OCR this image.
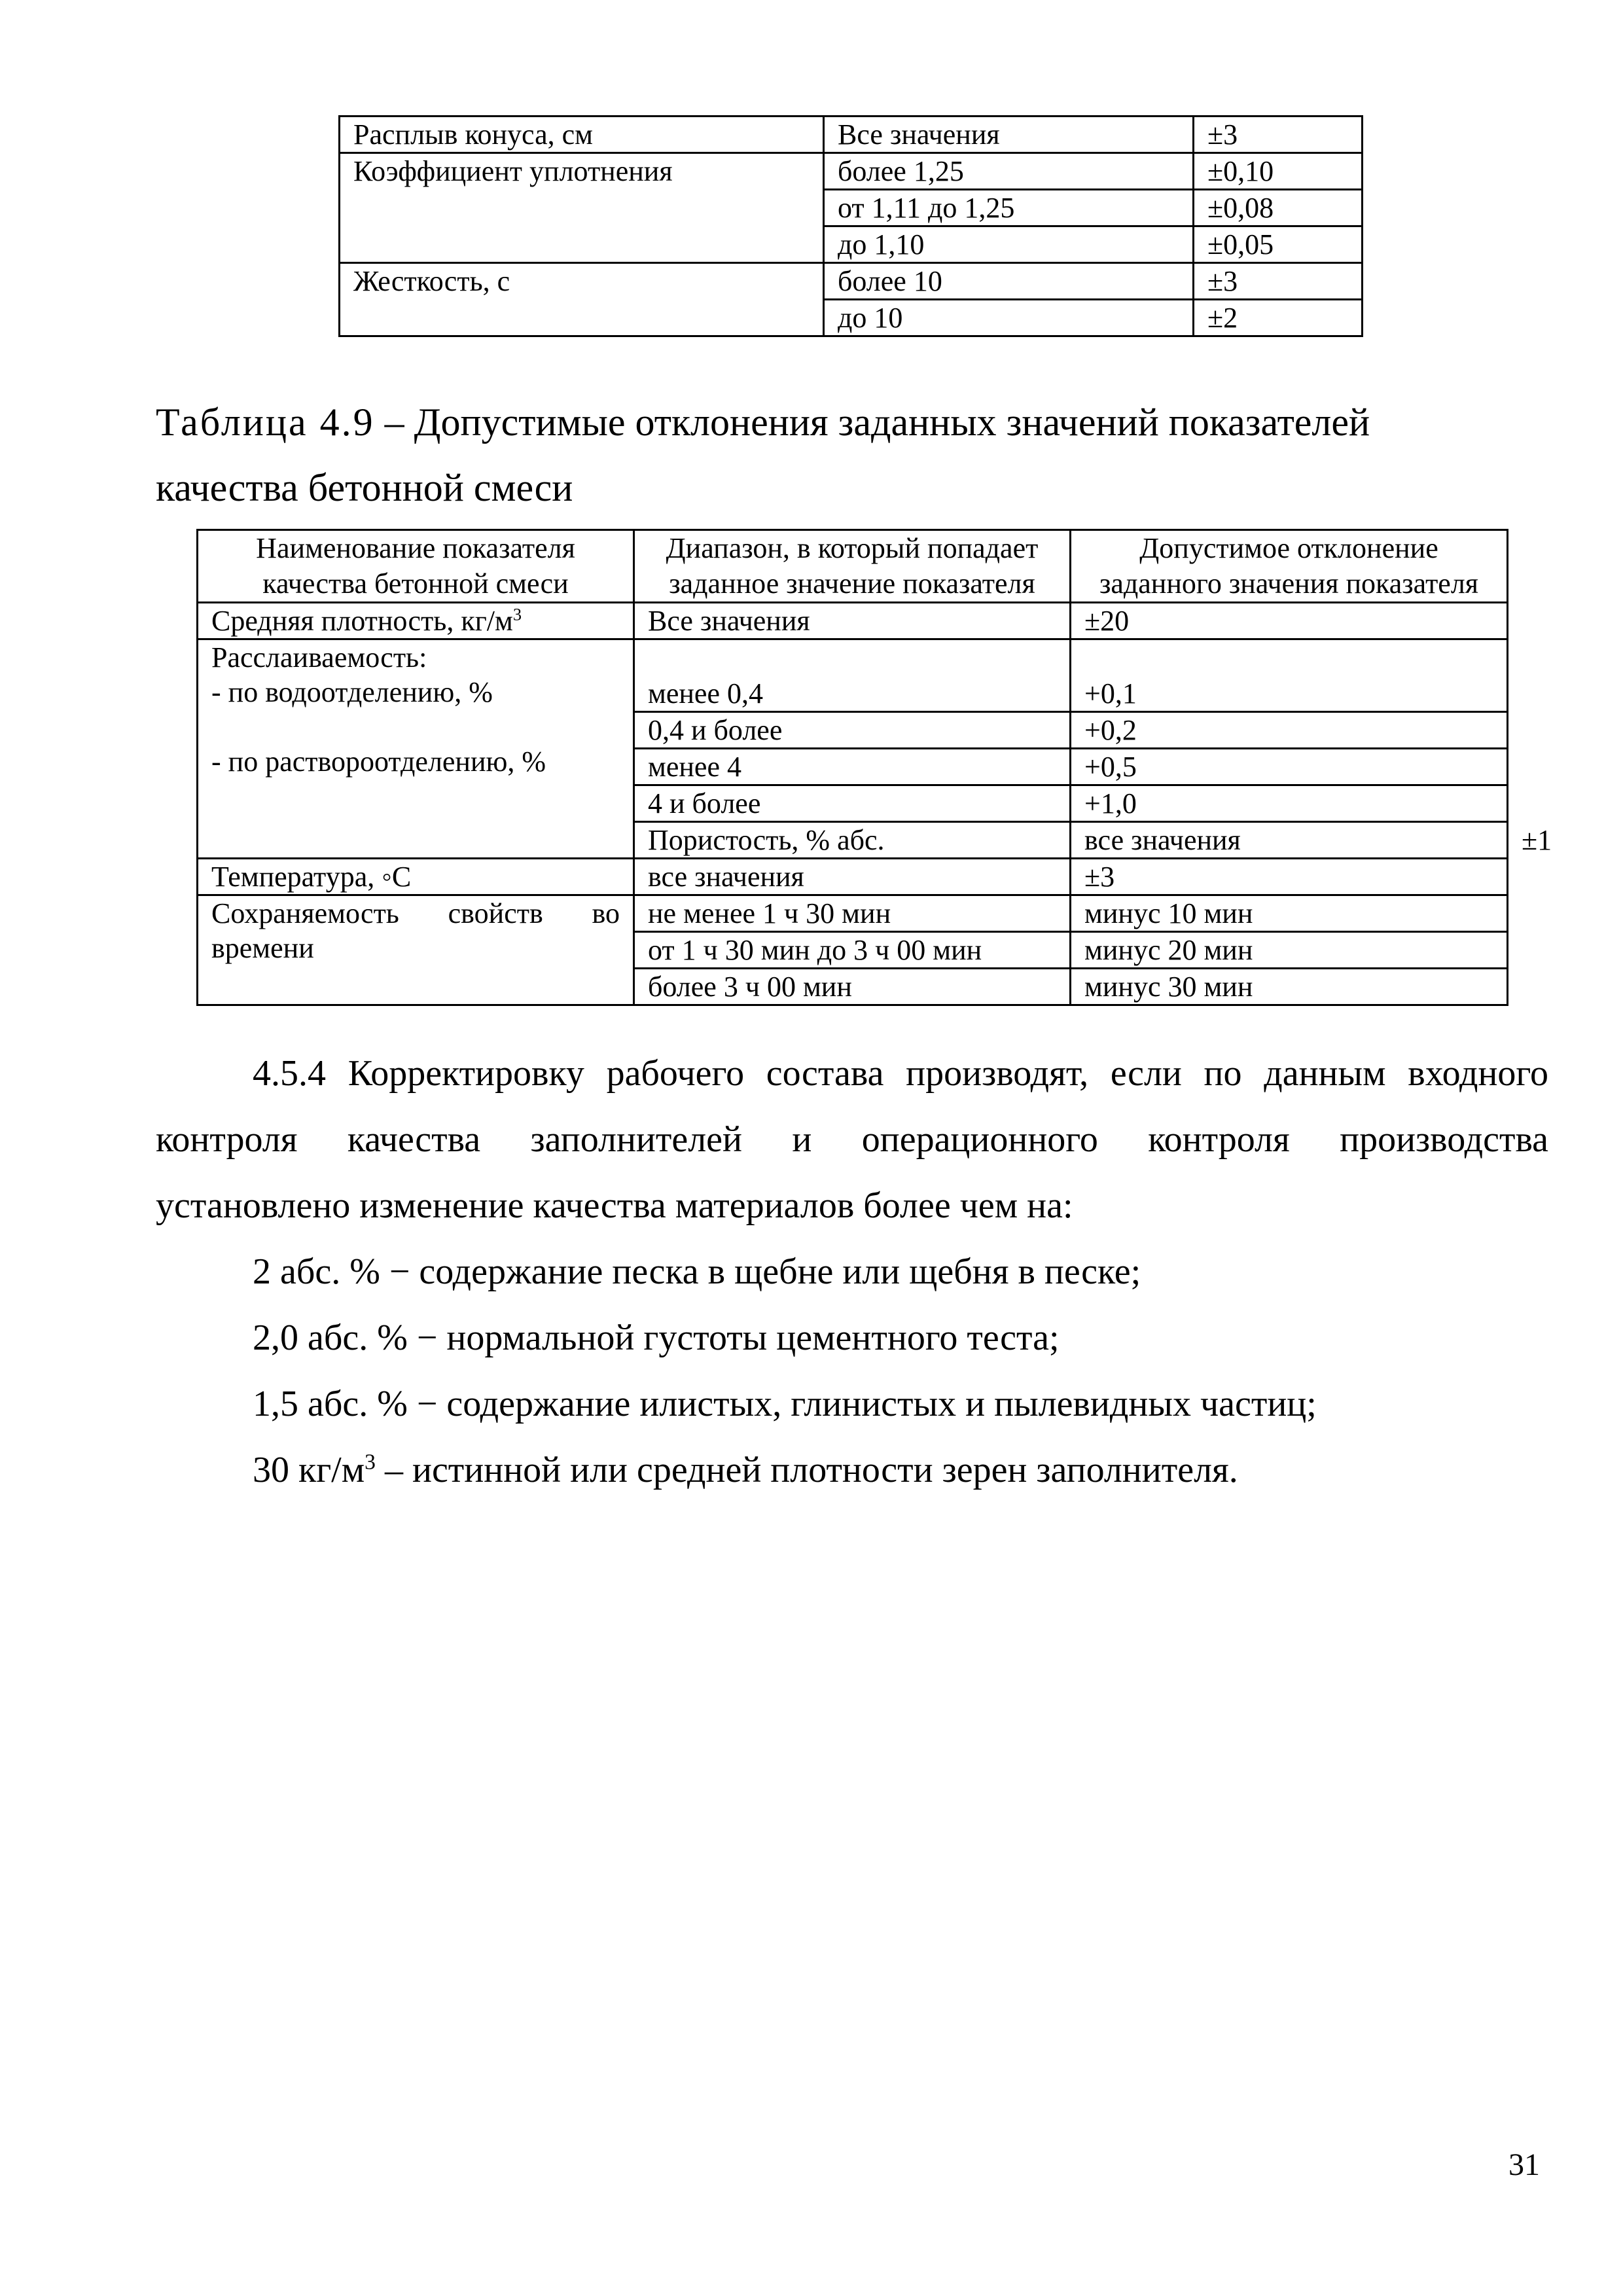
Расплыв конуса, см	Все значения	±3
Коэффициент уплотнения	более 1,25	±0,10
	от 1,11 до 1,25	±0,08
	до 1,10	±0,05
Жесткость, с	более 10	±3
	до 10	±2
Таблица 4.9 – Допустимые отклонения заданных значений показателей качества бетонной смеси
Наименование показателя качества бетонной смеси	Диапазон, в который попадает заданное значение показателя	Допустимое отклонение заданного значения показателя	
Средняя плотность, $кг/м^3$	Все значения	±20	

Расслаиваемость:
- по водоотделению, %
- по раствороотделению, %	менее 0,4	+0,1	
	0,4 и более	+0,2	
	менее 4	+0,5	
	4 и более	+1,0	
	Пористость, % абс.	все значения	±1
Температура, ◦С	все значения	±3	
Сохраняемость свойств во времени	не менее 1 ч 30 мин	минус 10 мин	
	от 1 ч 30 мин до 3 ч 00 мин	минус 20 мин	
	более 3 ч 00 мин	минус 30 мин	
4.5.4 Корректировку рабочего состава производят, если по данным входного
контроля качества заполнителей и операционного контроля производства
установлено изменение качества материалов более чем на:
2 абс. % − содержание песка в щебне или щебня в песке;
2,0 абс. % − нормальной густоты цементного теста;
1,5 абс. % − содержание илистых, глинистых и пылевидных частиц;
30 $кг/м^3$ – истинной или средней плотности зерен заполнителя.
31
